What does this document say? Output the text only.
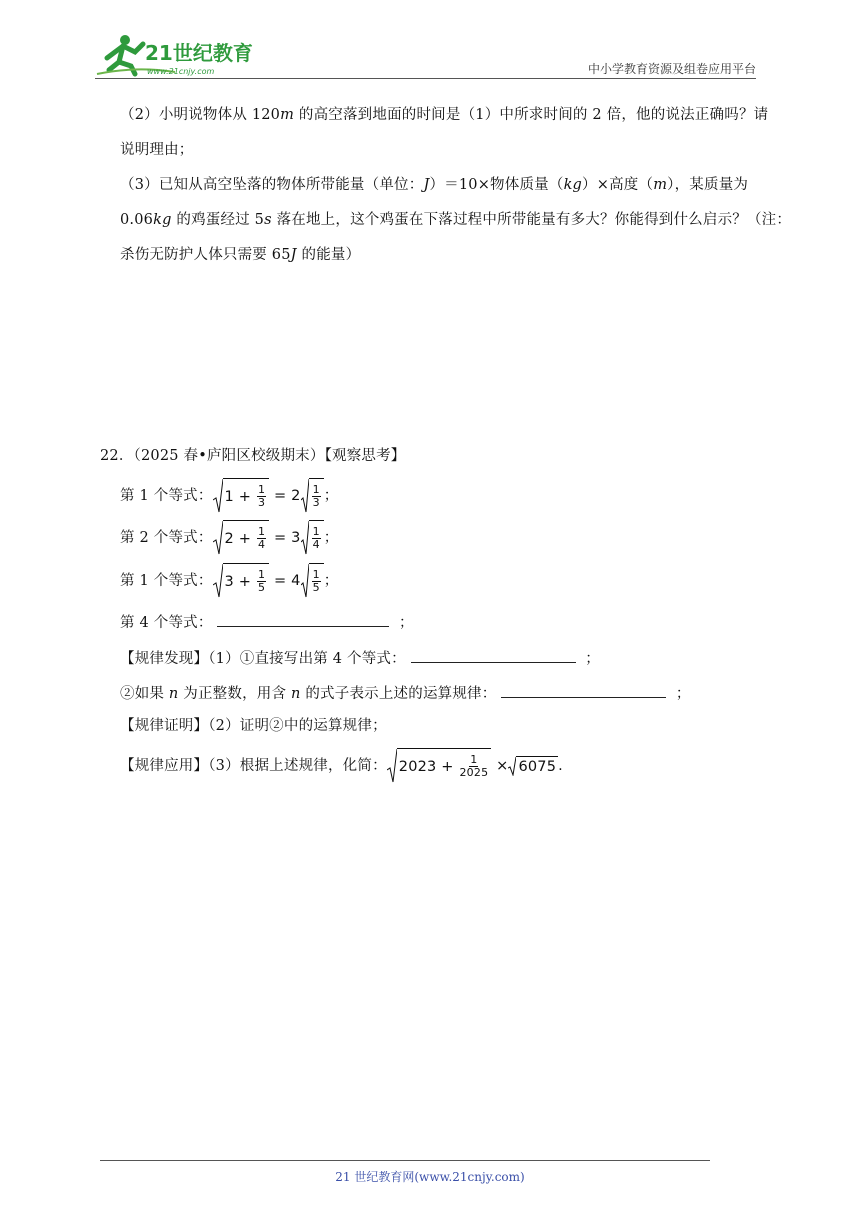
21世纪教育
www.21cnjy.com	中小学教育资源及组卷应用平台
（2）小明说物体从 120m 的高空落到地面的时间是（1）中所求时间的 2 倍，他的说法正确吗？请
说明理由；
（3）已知从高空坠落的物体所带能量（单位：J）＝10×物体质量（kg）×高度（m），某质量为
0.06kg 的鸡蛋经过 5s 落在地上，这个鸡蛋在下落过程中所带能量有多大？你能得到什么启示？（注：
杀伤无防护人体只需要 65J 的能量）
22．（2025 春•庐阳区校级期末）【观察思考】
第 1 个等式： 1
+
$\frac{1}{3} = 2 \frac{1}{3}$ ；
第 2 个等式： 2
+
$\frac{1}{4} = 3 \frac{1}{4}$ ；
第 1 个等式： 3
+
$\frac{1}{5} = 4 \frac{1}{5}$ ；
第 4 个等式：	；
【规律发现】（1）①直接写出第 4 个等式：	；
②如果 n 为正整数，用含 n 的式子表示上述的运算规律：	；
【规律证明】（2）证明②中的运算规律；
【规律应用】（3）根据上述规律，化简： 2023
+
$\frac{1}{2025} \times 6075$ .
21 世纪教育网(www.21cnjy.com)
